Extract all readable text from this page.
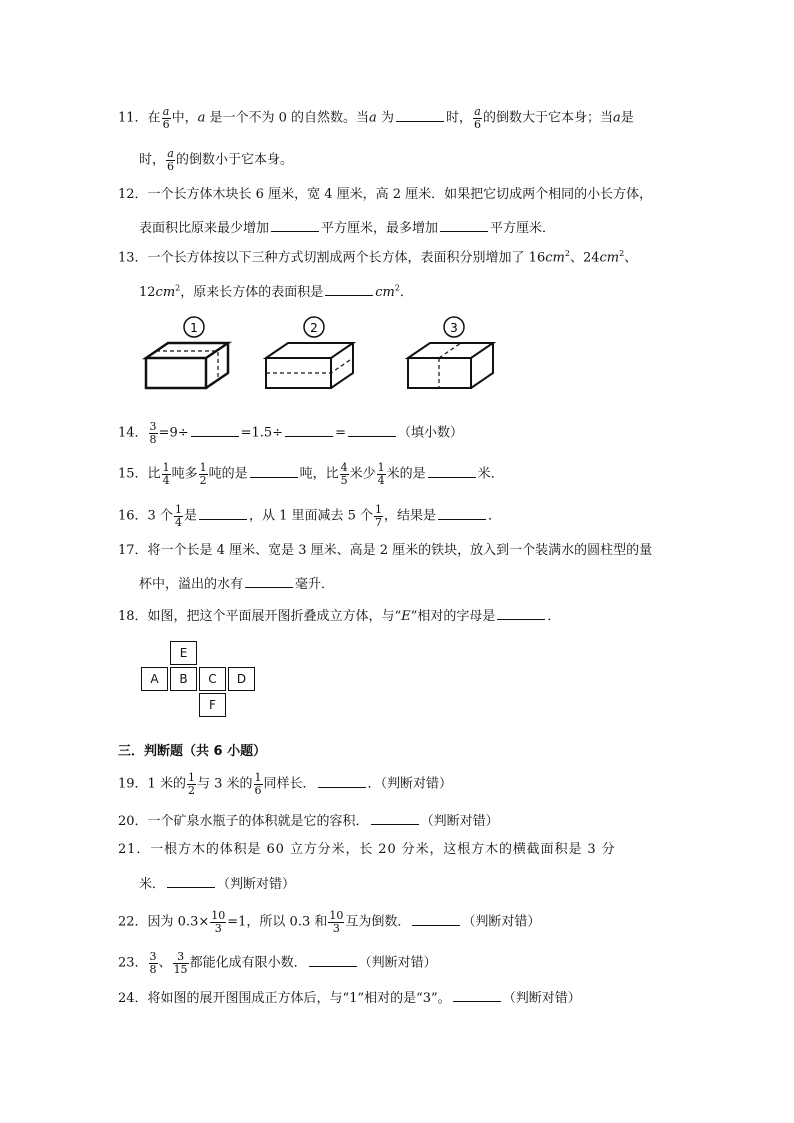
11．在 $\frac{a}{6}$ 中，a 是一个不为 0 的自然数。当a 为	时， $\frac{a}{6}$ 的倒数大于它本身；当a是
时， $\frac{a}{6}$ 的倒数小于它本身。
12．一个长方体木块长 6 厘米，宽 4 厘米，高 2 厘米．如果把它切成两个相同的小长方体，
表面积比原来最少增加	平方厘米，最多增加	平方厘米．
13．一个长方体按以下三种方式切割成两个长方体，表面积分别增加了 $16cm^2$、$24cm^2$、
$12cm^2$，原来长方体的表面积是	$cm^2$．
1	2	3
14． $\frac{3}{8} =9\div$	=1.5÷	=	（填小数）
15．比 $\frac{1}{4}$ 吨多 $\frac{1}{2}$ 吨的是	吨，比 $\frac{4}{5}$ 米少 $\frac{1}{4}$ 米的是	米．
16．3 个 $\frac{1}{4}$ 是	，从 1 里面减去 5 个 $\frac{1}{7}$ ，结果是	．
17．将一个长是 4 厘米、宽是 3 厘米、高是 2 厘米的铁块，放入到一个装满水的圆柱型的量
杯中，溢出的水有	毫升．
18．如图，把这个平面展开图折叠成立方体，与“E”相对的字母是	．
E
A	B	C	D
F
三．判断题（共 6 小题）
19．1 米的 $\frac{1}{2}$ 与 3 米的 $\frac{1}{6}$ 同样长．	．（判断对错）
20．一个矿泉水瓶子的体积就是它的容积．	（判断对错）
21．一根方木的体积是 60 立方分米，长 20 分米，这根方木的横截面积是 3 分
米．	（判断对错）
22．因为 $0.3\times \frac{10}{3} =1$，所以 0.3 和 $\frac{10}{3}$ 互为倒数．	（判断对错）
23． $\frac{3}{8}$ 、 $\frac{3}{15}$ 都能化成有限小数．	（判断对错）
24．将如图的展开图围成正方体后，与“1”相对的是“3”。	（判断对错）
